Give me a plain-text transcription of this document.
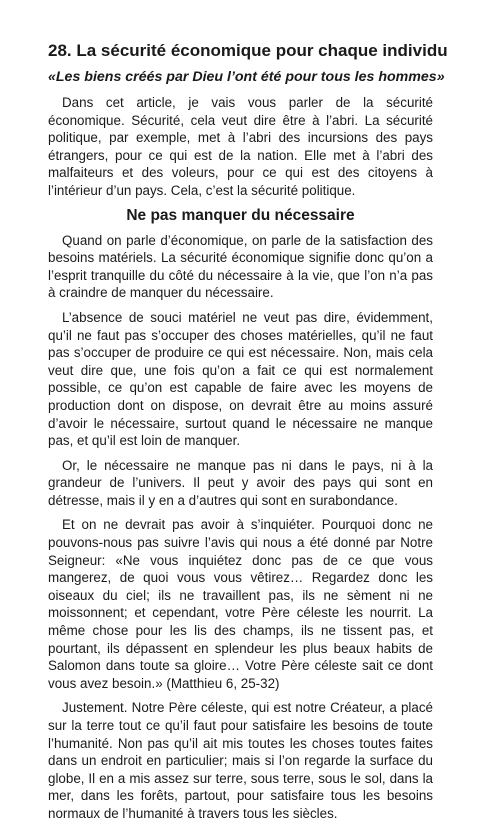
28. La sécurité économique pour chaque individu
«Les biens créés par Dieu l’ont été pour tous les hommes»

Dans cet article, je vais vous parler de la sécurité économique. Sécurité, cela veut dire être à l’abri. La sécurité politique, par exemple, met à l’abri des incursions des pays étrangers, pour ce qui est de la nation. Elle met à l’abri des malfaiteurs et des voleurs, pour ce qui est des citoyens à l’intérieur d’un pays. Cela, c’est la sécurité politique.

Ne pas manquer du nécessaire

Quand on parle d’économique, on parle de la satisfaction des besoins matériels. La sécurité économique signifie donc qu’on a l’esprit tranquille du côté du nécessaire à la vie, que l’on n’a pas à craindre de manquer du nécessaire.

L’absence de souci matériel ne veut pas dire, évidemment, qu’il ne faut pas s’occuper des choses matérielles, qu’il ne faut pas s’occuper de produire ce qui est nécessaire. Non, mais cela veut dire que, une fois qu’on a fait ce qui est normalement possible, ce qu’on est capable de faire avec les moyens de production dont on dispose, on devrait être au moins assuré d’avoir le nécessaire, surtout quand le nécessaire ne manque pas, et qu’il est loin de manquer.

Or, le nécessaire ne manque pas ni dans le pays, ni à la grandeur de l’univers. Il peut y avoir des pays qui sont en détresse, mais il y en a d’autres qui sont en surabondance.

Et on ne devrait pas avoir à s’inquiéter. Pourquoi donc ne pouvons-nous pas suivre l’avis qui nous a été donné par Notre Seigneur: «Ne vous inquiétez donc pas de ce que vous mangerez, de quoi vous vous vêtirez… Regardez donc les oiseaux du ciel; ils ne travaillent pas, ils ne sèment ni ne moissonnent; et cependant, votre Père céleste les nourrit. La même chose pour les lis des champs, ils ne tissent pas, et pourtant, ils dépassent en splendeur les plus beaux habits de Salomon dans toute sa gloire… Votre Père céleste sait ce dont vous avez besoin.» (Matthieu 6, 25-32)

Justement. Notre Père céleste, qui est notre Créateur, a placé sur la terre tout ce qu’il faut pour satisfaire les besoins de toute l’humanité. Non pas qu’il ait mis toutes les choses toutes faites dans un endroit en particulier; mais si l’on regarde la surface du globe, Il en a mis assez sur terre, sous terre, sous le sol, dans la mer, dans les forêts, partout, pour satisfaire tous les besoins normaux de l’humanité à travers tous les siècles.
